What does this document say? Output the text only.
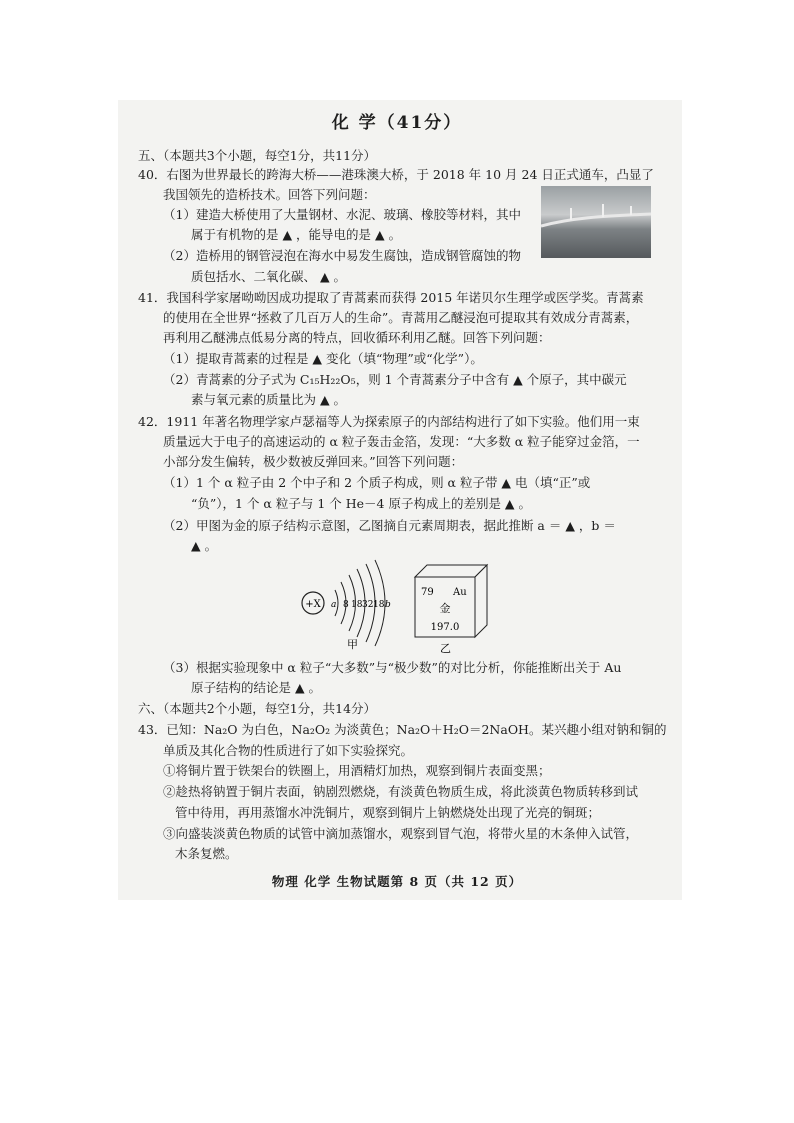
化 学（41分）
五、（本题共3个小题，每空1分，共11分）
40．右图为世界最长的跨海大桥——港珠澳大桥，于 2018 年 10 月 24 日正式通车，凸显了
我国领先的造桥技术。回答下列问题：
（1）建造大桥使用了大量钢材、水泥、玻璃、橡胶等材料，其中
属于有机物的是 ▲ ，能导电的是 ▲ 。
（2）造桥用的钢管浸泡在海水中易发生腐蚀，造成钢管腐蚀的物
质包括水、二氧化碳、 ▲ 。
41．我国科学家屠呦呦因成功提取了青蒿素而获得 2015 年诺贝尔生理学或医学奖。青蒿素
的使用在全世界“拯救了几百万人的生命”。青蒿用乙醚浸泡可提取其有效成分青蒿素，
再利用乙醚沸点低易分离的特点，回收循环利用乙醚。回答下列问题：
（1）提取青蒿素的过程是 ▲ 变化（填“物理”或“化学”）。
（2）青蒿素的分子式为 C₁₅H₂₂O₅，则 1 个青蒿素分子中含有 ▲ 个原子，其中碳元
素与氧元素的质量比为 ▲ 。
42．1911 年著名物理学家卢瑟福等人为探索原子的内部结构进行了如下实验。他们用一束
质量远大于电子的高速运动的 α 粒子轰击金箔，发现：“大多数 α 粒子能穿过金箔，一
小部分发生偏转，极少数被反弹回来。”回答下列问题：
（1）1 个 α 粒子由 2 个中子和 2 个质子构成，则 α 粒子带 ▲ 电（填“正”或
“负”），1 个 α 粒子与 1 个 He－4 原子构成上的差别是 ▲ 。
（2）甲图为金的原子结构示意图，乙图摘自元素周期表，据此推断 a ＝ ▲ ，b ＝
▲ 。
+X a 8 18 32 18 b
甲
79 Au
金
197.0
乙
（3）根据实验现象中 α 粒子“大多数”与“极少数”的对比分析，你能推断出关于 Au
原子结构的结论是 ▲ 。
六、（本题共2个小题，每空1分，共14分）
43．已知：Na₂O 为白色，Na₂O₂ 为淡黄色；Na₂O＋H₂O＝2NaOH。某兴趣小组对钠和铜的
单质及其化合物的性质进行了如下实验探究。
①将铜片置于铁架台的铁圈上，用酒精灯加热，观察到铜片表面变黑；
②趁热将钠置于铜片表面，钠剧烈燃烧，有淡黄色物质生成，将此淡黄色物质转移到试
管中待用，再用蒸馏水冲洗铜片，观察到铜片上钠燃烧处出现了光亮的铜斑；
③向盛装淡黄色物质的试管中滴加蒸馏水，观察到冒气泡，将带火星的木条伸入试管，
木条复燃。
物理 化学 生物试题第 8 页（共 12 页）
